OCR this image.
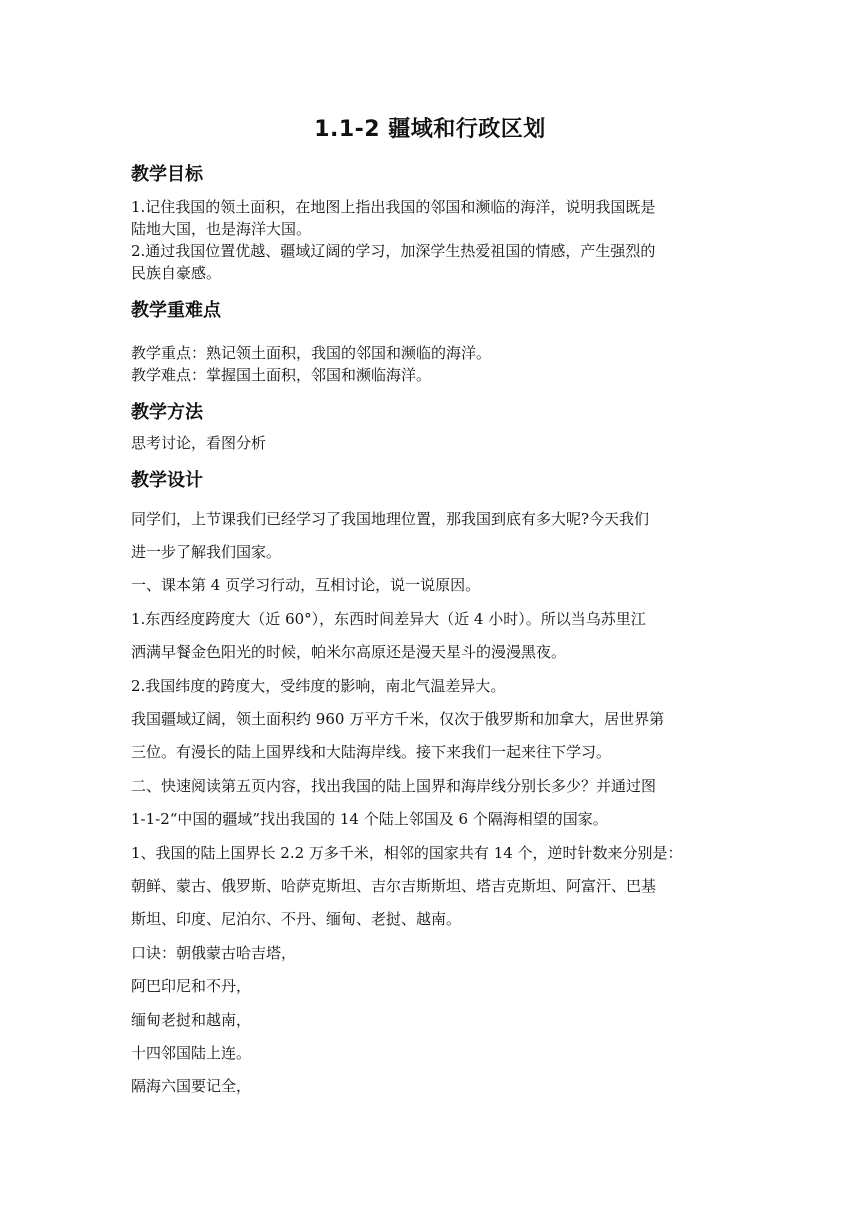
1.1-2 疆域和行政区划
教学目标
1.记住我国的领土面积，在地图上指出我国的邻国和濒临的海洋，说明我国既是
陆地大国，也是海洋大国。
2.通过我国位置优越、疆域辽阔的学习，加深学生热爱祖国的情感，产生强烈的
民族自豪感。
教学重难点
教学重点：熟记领土面积，我国的邻国和濒临的海洋。
教学难点：掌握国土面积，邻国和濒临海洋。
教学方法
思考讨论，看图分析
教学设计
同学们，上节课我们已经学习了我国地理位置，那我国到底有多大呢?今天我们
进一步了解我们国家。
一、课本第 4 页学习行动，互相讨论，说一说原因。
1.东西经度跨度大（近 60°），东西时间差异大（近 4 小时）。所以当乌苏里江
洒满早餐金色阳光的时候，帕米尔高原还是漫天星斗的漫漫黑夜。
2.我国纬度的跨度大，受纬度的影响，南北气温差异大。
我国疆域辽阔，领土面积约 960 万平方千米，仅次于俄罗斯和加拿大，居世界第
三位。有漫长的陆上国界线和大陆海岸线。接下来我们一起来往下学习。
二、快速阅读第五页内容，找出我国的陆上国界和海岸线分别长多少？并通过图
1-1-2“中国的疆域”找出我国的 14 个陆上邻国及 6 个隔海相望的国家。
1、我国的陆上国界长 2.2 万多千米，相邻的国家共有 14 个，逆时针数来分别是：
朝鲜、蒙古、俄罗斯、哈萨克斯坦、吉尔吉斯斯坦、塔吉克斯坦、阿富汗、巴基
斯坦、印度、尼泊尔、不丹、缅甸、老挝、越南。
口诀：朝俄蒙古哈吉塔，
阿巴印尼和不丹，
缅甸老挝和越南，
十四邻国陆上连。
隔海六国要记全，
